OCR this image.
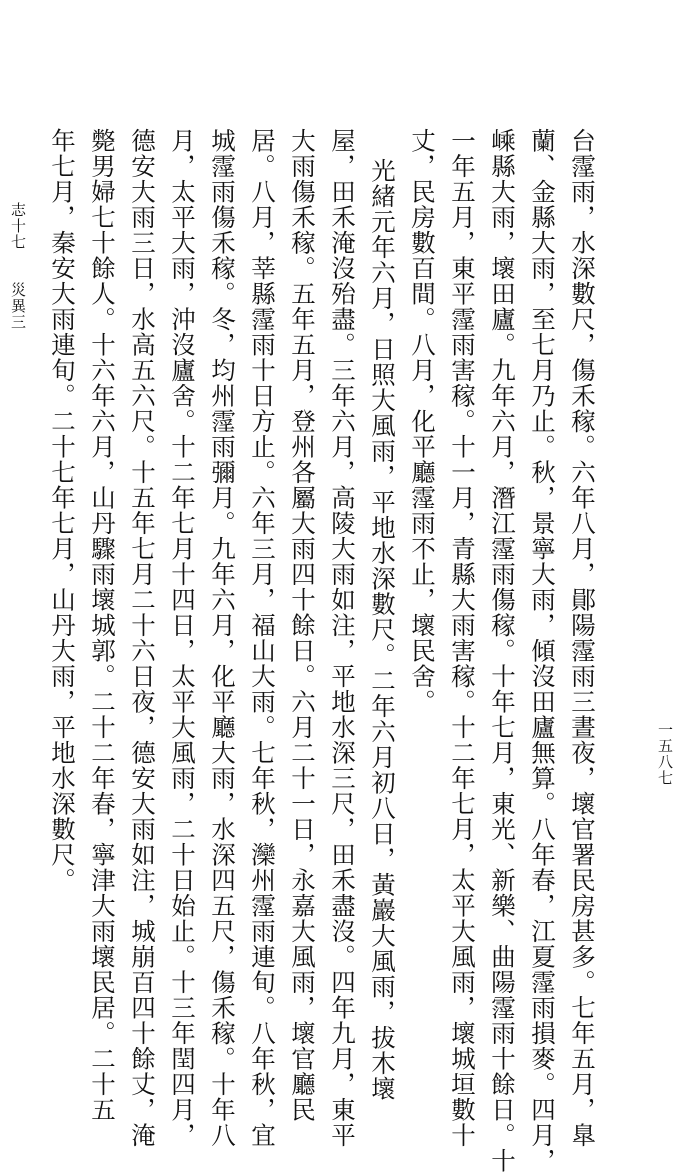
台霪雨，水深數尺，傷禾稼。六年八月，鄖陽霪雨三晝夜，壞官署民房甚多。七年五月，臯
蘭、金縣大雨，至七月乃止。秋，景寧大雨，傾沒田廬無算。八年春，江夏霪雨損麥。四月，
嵊縣大雨，壞田廬。九年六月，潛江霪雨傷稼。十年七月，東光、新樂、曲陽霪雨十餘日。十
一年五月，東平霪雨害稼。十一月，青縣大雨害稼。十二年七月，太平大風雨，壞城垣數十
丈，民房數百間。八月，化平廳霪雨不止，壞民舍。
光緒元年六月，日照大風雨，平地水深數尺。二年六月初八日，黃巖大風雨，拔木壞
屋，田禾淹沒殆盡。三年六月，高陵大雨如注，平地水深三尺，田禾盡沒。四年九月，東平
大雨傷禾稼。五年五月，登州各屬大雨四十餘日。六月二十一日，永嘉大風雨，壞官廳民
居。八月，莘縣霪雨十日方止。六年三月，福山大雨。七年秋，灤州霪雨連旬。八年秋，宜
城霪雨傷禾稼。冬，均州霪雨彌月。九年六月，化平廳大雨，水深四五尺，傷禾稼。十年八
月，太平大雨，沖沒廬舍。十二年七月十四日，太平大風雨，二十日始止。十三年閏四月，
德安大雨三日，水高五六尺。十五年七月二十六日夜，德安大雨如注，城崩百四十餘丈，淹
斃男婦七十餘人。十六年六月，山丹驟雨壞城郭。二十二年春，寧津大雨壞民居。二十五
年七月，秦安大雨連旬。二十七年七月，山丹大雨，平地水深數尺。
志十七
災異三
一五八七
